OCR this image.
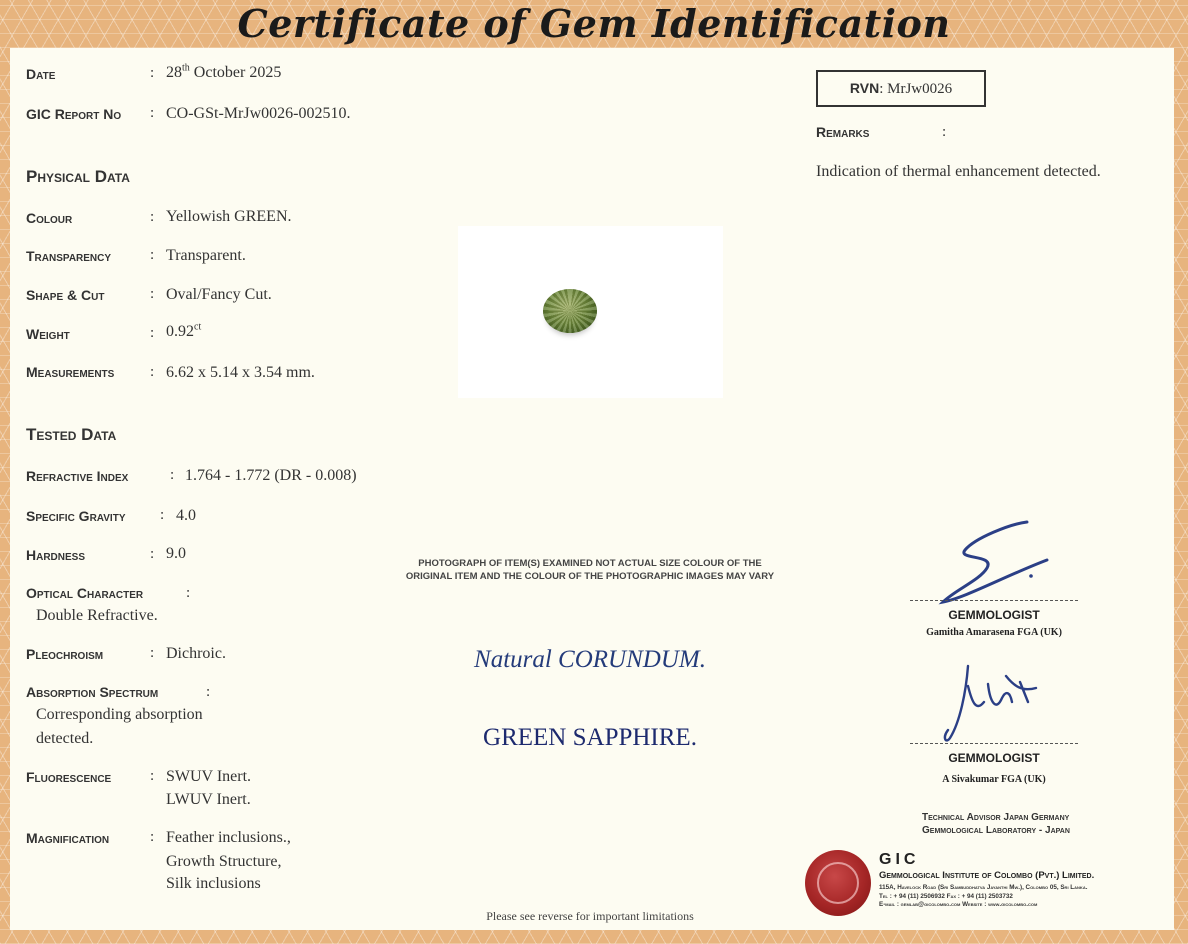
Certificate of Gem Identification
Date	: 28th October 2025
GIC Report No : CO-GSt-MrJw0026-002510.
Physical Data
Colour	: Yellowish GREEN.
Transparency	: Transparent.
Shape & Cut	: Oval/Fancy Cut.
Weight	: $0.92^{ct}$
Measurements : 6.62 x 5.14 x 3.54 mm.
Tested Data
Refractive Index	: 1.764 - 1.772 (DR - 0.008)
Specific Gravity : 4.0
Hardness	: 9.0
Optical Character	:
Double Refractive.
Pleochroism	: Dichroic.
Absorption Spectrum	:
Corresponding absorption
detected.
Fluorescence	: SWUV Inert.
LWUV Inert.
Magnification	: Feather inclusions.,
Growth Structure,
Silk inclusions
PHOTOGRAPH OF ITEM(S) EXAMINED NOT ACTUAL SIZE COLOUR OF THE ORIGINAL ITEM AND THE COLOUR OF THE PHOTOGRAPHIC IMAGES MAY VARY
Natural CORUNDUM.
GREEN SAPPHIRE.
Please see reverse for important limitations
RVN: MrJw0026
Remarks	:
Indication of thermal enhancement detected.
GEMMOLOGIST
Gamitha Amarasena FGA (UK)
GEMMOLOGIST
A Sivakumar FGA (UK)
Technical Advisor Japan Germany
Gemmological Laboratory - Japan
GIC
Gemmological Institute of Colombo (Pvt.) Limited.
115A, Havelock Road (Sri Sambuddhatva Jayanthi Mw.), Colombo 05, Sri Lanka.
Tel : + 94 (11) 2506932 Fax : + 94 (11) 2503732
E-mail : gemlab@gicolombo.com Website : www.gicolombo.com
